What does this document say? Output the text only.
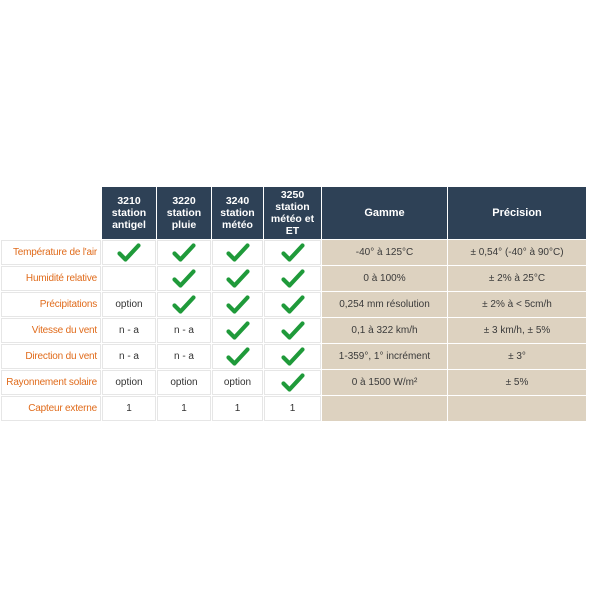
	3210 station antigel	3220 station pluie	3240 station météo	3250 station météo et ET	Gamme	Précision
Température de l'air					-40° à 125°C	± 0,54° (-40° à 90°C)
Humidité relative					0 à 100%	± 2% à 25°C
Précipitations	option				0,254 mm résolution	± 2% à < 5cm/h
Vitesse du vent	n - a	n - a			0,1 à 322 km/h	± 3 km/h, ± 5%
Direction du vent	n - a	n - a			1-359°, 1° incrément	± 3°
Rayonnement solaire	option	option	option		0 à 1500 W/m²	± 5%
Capteur externe	1	1	1	1		
